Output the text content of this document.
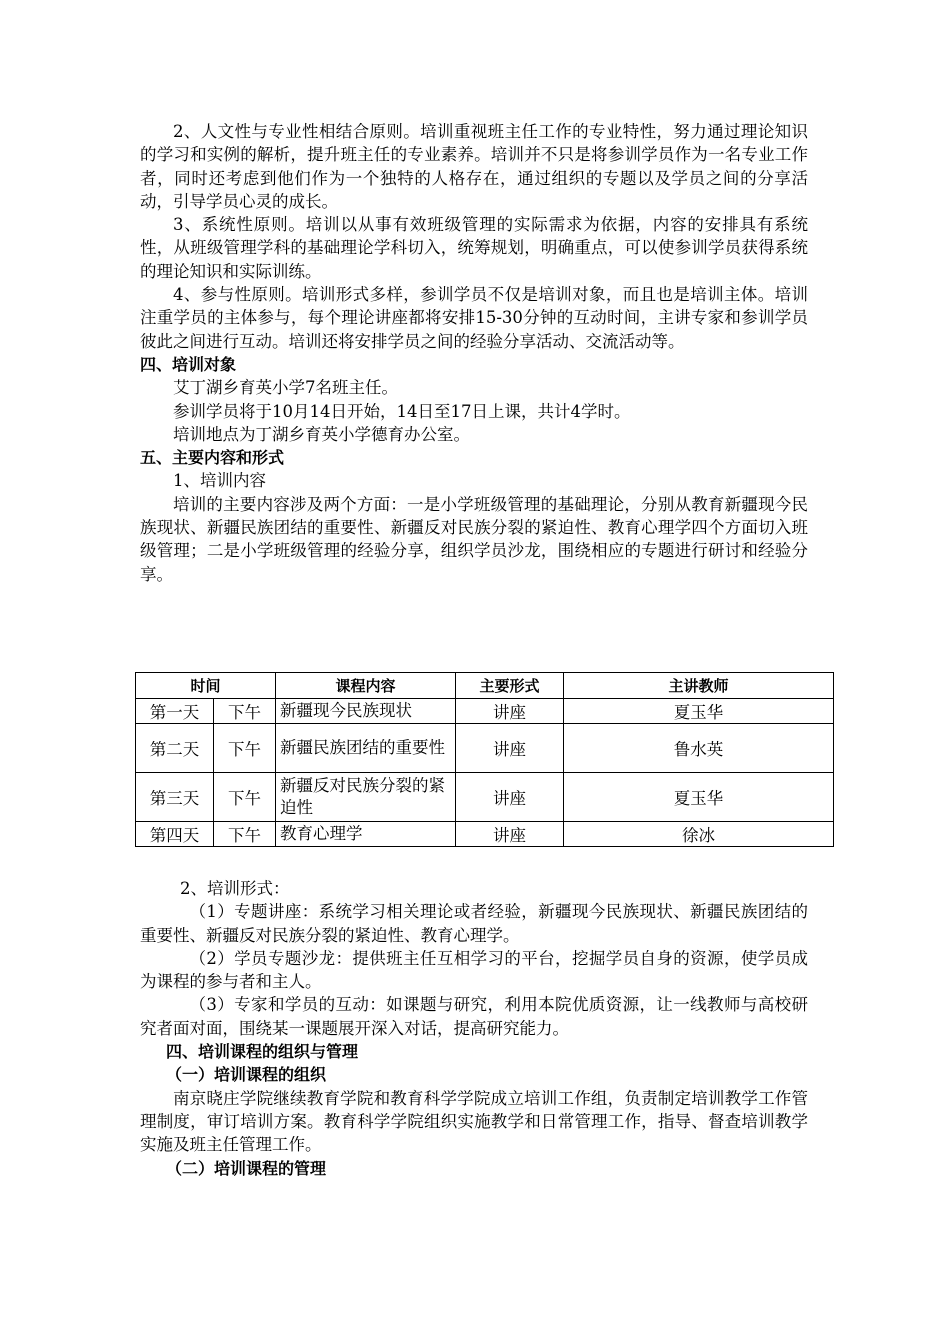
2、人文性与专业性相结合原则。培训重视班主任工作的专业特性，努力通过理论知识的学习和实例的解析，提升班主任的专业素养。培训并不只是将参训学员作为一名专业工作者，同时还考虑到他们作为一个独特的人格存在，通过组织的专题以及学员之间的分享活动，引导学员心灵的成长。

3、系统性原则。培训以从事有效班级管理的实际需求为依据，内容的安排具有系统性，从班级管理学科的基础理论学科切入，统筹规划，明确重点，可以使参训学员获得系统的理论知识和实际训练。

4、参与性原则。培训形式多样，参训学员不仅是培训对象，而且也是培训主体。培训注重学员的主体参与，每个理论讲座都将安排15-30分钟的互动时间，主讲专家和参训学员彼此之间进行互动。培训还将安排学员之间的经验分享活动、交流活动等。

四、培训对象

艾丁湖乡育英小学7名班主任。

参训学员将于10月14日开始，14日至17日上课，共计4学时。

培训地点为丁湖乡育英小学德育办公室。

五、主要内容和形式

1、培训内容

培训的主要内容涉及两个方面：一是小学班级管理的基础理论，分别从教育新疆现今民族现状、新疆民族团结的重要性、新疆反对民族分裂的紧迫性、教育心理学四个方面切入班级管理；二是小学班级管理的经验分享，组织学员沙龙，围绕相应的专题进行研讨和经验分享。

时间		课程内容	主要形式	主讲教师
第一天	下午	新疆现今民族现状	讲座	夏玉华
第二天	下午	新疆民族团结的重要性	讲座	鲁水英
第三天	下午	新疆反对民族分裂的紧迫性	讲座	夏玉华
第四天	下午	教育心理学	讲座	徐冰

2、培训形式：

（1）专题讲座：系统学习相关理论或者经验，新疆现今民族现状、新疆民族团结的重要性、新疆反对民族分裂的紧迫性、教育心理学。

（2）学员专题沙龙：提供班主任互相学习的平台，挖掘学员自身的资源，使学员成为课程的参与者和主人。

（3）专家和学员的互动：如课题与研究，利用本院优质资源，让一线教师与高校研究者面对面，围绕某一课题展开深入对话，提高研究能力。

四、培训课程的组织与管理

（一）培训课程的组织

南京晓庄学院继续教育学院和教育科学学院成立培训工作组，负责制定培训教学工作管理制度，审订培训方案。教育科学学院组织实施教学和日常管理工作，指导、督查培训教学实施及班主任管理工作。

（二）培训课程的管理
